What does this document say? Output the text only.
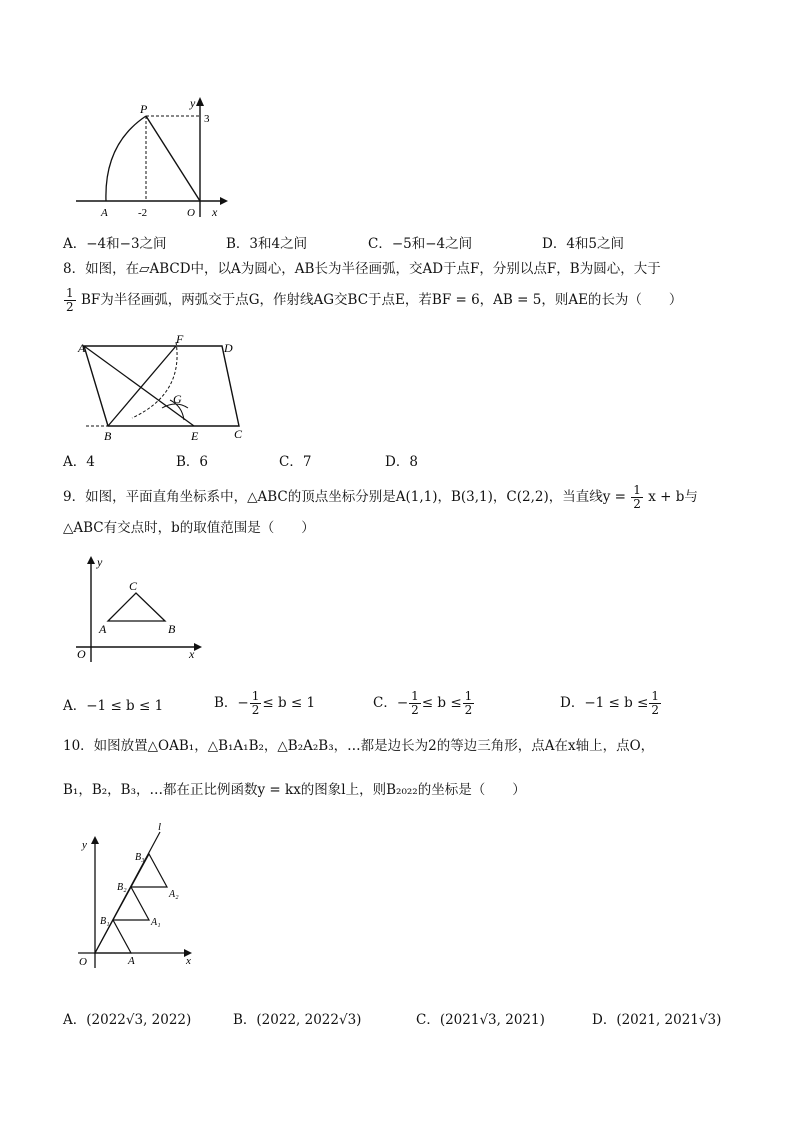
y
P
3
A	-2	O x
A．−4和−3之间	B．3和4之间	C．−5和−4之间	D．4和5之间
8．如图，在▱ABCD中，以A为圆心，AB长为半径画弧，交AD于点F，分别以点F，B为圆心，大于
$\frac{1}{2}$ BF为半径画弧，两弧交于点G，作射线AG交BC于点E，若BF = 6，AB = 5，则AE的长为（　　）
A
F
D
G
B	E	C
A．4	B．6	C．7	D．8
9．如图，平面直角坐标系中，△ABC的顶点坐标分别是A(1,1)，B(3,1)，C(2,2)，当直线$y = \frac{1}{2}$ x + b与
△ABC有交点时，b的取值范围是（　　）
y
C
A	B
O	x
A．−1 ≤ b ≤ 1	B．− $\frac{1}{2} \le b \le 1$	C．− $\frac{1}{2} \le b \le \frac{1}{2}$	D．$-1 \le b \le \frac{1}{2}$
10．如图放置△OAB₁，△B₁A₁B₂，△B₂A₂B₃，…都是边长为2的等边三角形，点A在x轴上，点O，
B₁，B₂，B₃，…都在正比例函数y = kx的图象l上，则B₂₀₂₂的坐标是（　　）
l
y
B₃
B₂
A₂
B₁	A₁
O	A	x
A．(2022√3, 2022)	B．(2022, 2022√3)	C．(2021√3, 2021)	D．(2021, 2021√3)
